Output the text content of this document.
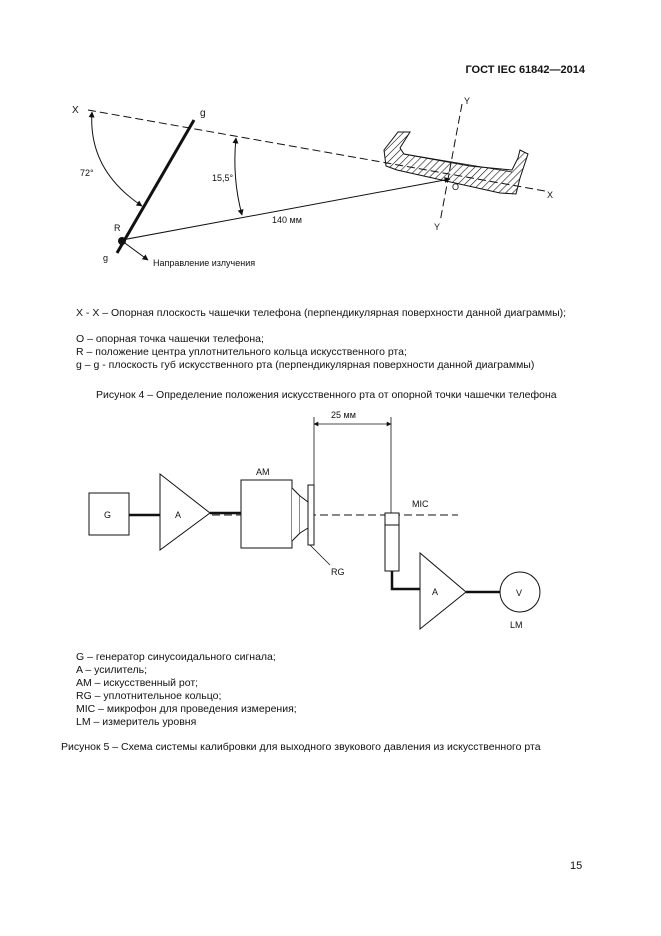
ГОСТ IEC 61842—2014
X	g
Y
72°	15,5°
O
X
140 мм
R	Y
g	Направление излучения
X - X – Опорная плоскость чашечки телефона (перпендикулярная поверхности данной диаграммы);
O – опорная точка чашечки телефона;
R – положение центра уплотнительного кольца искусственного рта;
g – g - плоскость губ искусственного рта (перпендикулярная поверхности данной диаграммы)
Рисунок 4 – Определение положения искусственного рта от опорной точки чашечки телефона
25 мм
G	A
AM
RG
MIC
A	V
LM
G – генератор синусоидального сигнала;
A – усилитель;
AM – искусственный рот;
RG – уплотнительное кольцо;
MIC – микрофон для проведения измерения;
LM – измеритель уровня
Рисунок 5 – Схема системы калибровки для выходного звукового давления из искусственного рта
15
